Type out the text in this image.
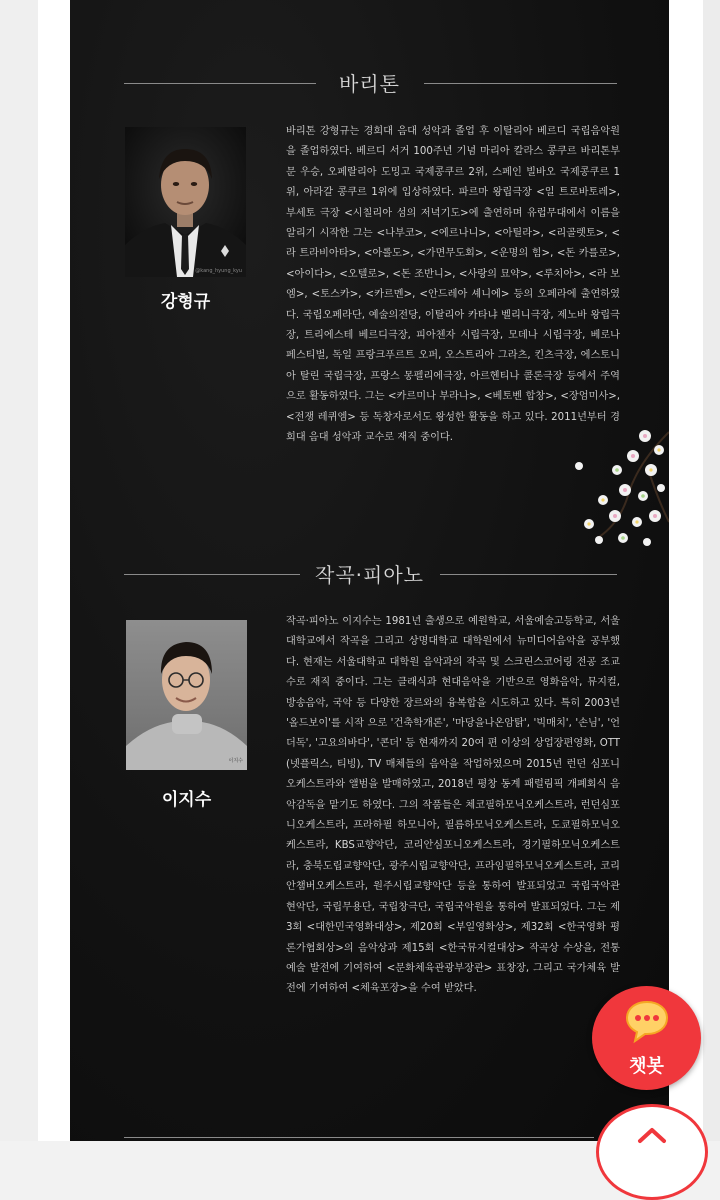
바리톤
@kang_hyung_kyu
강형규
바리톤 강형규는 경희대 음대 성악과 졸업 후 이탈리아 베르디 국립음악원을 졸업하였다. 베르디 서거 100주년 기념 마리아 칼라스 콩쿠르 바리톤부문 우승, 오페랄리아 도밍고 국제콩쿠르 2위, 스페인 빌바오 국제콩쿠르 1위, 아라갈 콩쿠르 1위에 입상하였다. 파르마 왕립극장 <일 트로바토레>, 부세토 극장 <시칠리아 섬의 저녁기도>에 출연하며 유럽무대에서 이름을 알리기 시작한 그는 <나부코>, <에르나니>, <아틸라>, <리골렛토>, <라 트라비아타>, <아롤도>, <가면무도회>, <운명의 힘>, <돈 카를로>, <아이다>, <오텔로>, <돈 조반니>, <사랑의 묘약>, <루치아>, <라 보엠>, <토스카>, <카르멘>, <안드레아 셰니에> 등의 오페라에 출연하였다. 국립오페라단, 예술의전당, 이탈리아 카타냐 벨리니극장, 제노바 왕립극장, 트리에스테 베르디극장, 피아첸자 시립극장, 모데나 시립극장, 베로나 페스티벌, 독일 프랑크푸르트 오퍼, 오스트리아 그라츠, 킨츠극장, 에스토니아 탈린 국립극장, 프랑스 몽펠리에극장, 아르헨티나 콜론극장 등에서 주역으로 활동하였다. 그는 <카르미나 부라나>, <베토벤 합창>, <장엄미사>, <전쟁 레퀴엠> 등 독창자로서도 왕성한 활동을 하고 있다. 2011년부터 경희대 음대 성악과 교수로 재직 중이다.
작곡·피아노
이지수
이지수
작곡·피아노 이지수는 1981년 출생으로 예원학교, 서울예술고등학교, 서울대학교에서 작곡을 그리고 상명대학교 대학원에서 뉴미디어음악을 공부했다. 현재는 서울대학교 대학원 음악과의 작곡 및 스크린스코어링 전공 조교수로 재직 중이다. 그는 클래식과 현대음악을 기반으로 영화음악, 뮤지컬, 방송음악, 국악 등 다양한 장르와의 융복합을 시도하고 있다. 특히 2003년 '올드보이'를 시작 으로 '건축학개론', '마당을나온암탉', '빅매치', '손님', '언더독', '고요의바다', '콘더' 등 현재까지 20여 편 이상의 상업장편영화, OTT(넷플릭스, 티빙), TV 매체들의 음악을 작업하였으며 2015년 런던 심포니오케스트라와 앨범을 발매하였고, 2018년 평창 동계 패럴림픽 개폐회식 음악감독을 맡기도 하였다. 그의 작품들은 체코필하모닉오케스트라, 런던심포니오케스트라, 프라하필 하모니아, 필름하모닉오케스트라, 도쿄필하모닉오케스트라, KBS교향악단, 코리안심포니오케스트라, 경기필하모닉오케스트라, 충북도립교향악단, 광주시립교향악단, 프라임필하모닉오케스트라, 코리안챔버오케스트라, 원주시립교향악단 등을 통하여 발표되었고 국립국악관현악단, 국립무용단, 국립창극단, 국립국악원을 통하여 발표되었다. 그는 제3회 <대한민국영화대상>, 제20회 <부일영화상>, 제32회 <한국영화 평론가협회상>의 음악상과 제15회 <한국뮤지컬대상> 작곡상 수상을, 전통예술 발전에 기여하여 <문화체육관광부장관> 표창장, 그리고 국가체육 발전에 기여하여 <체육포장>을 수여 받았다.
챗봇
